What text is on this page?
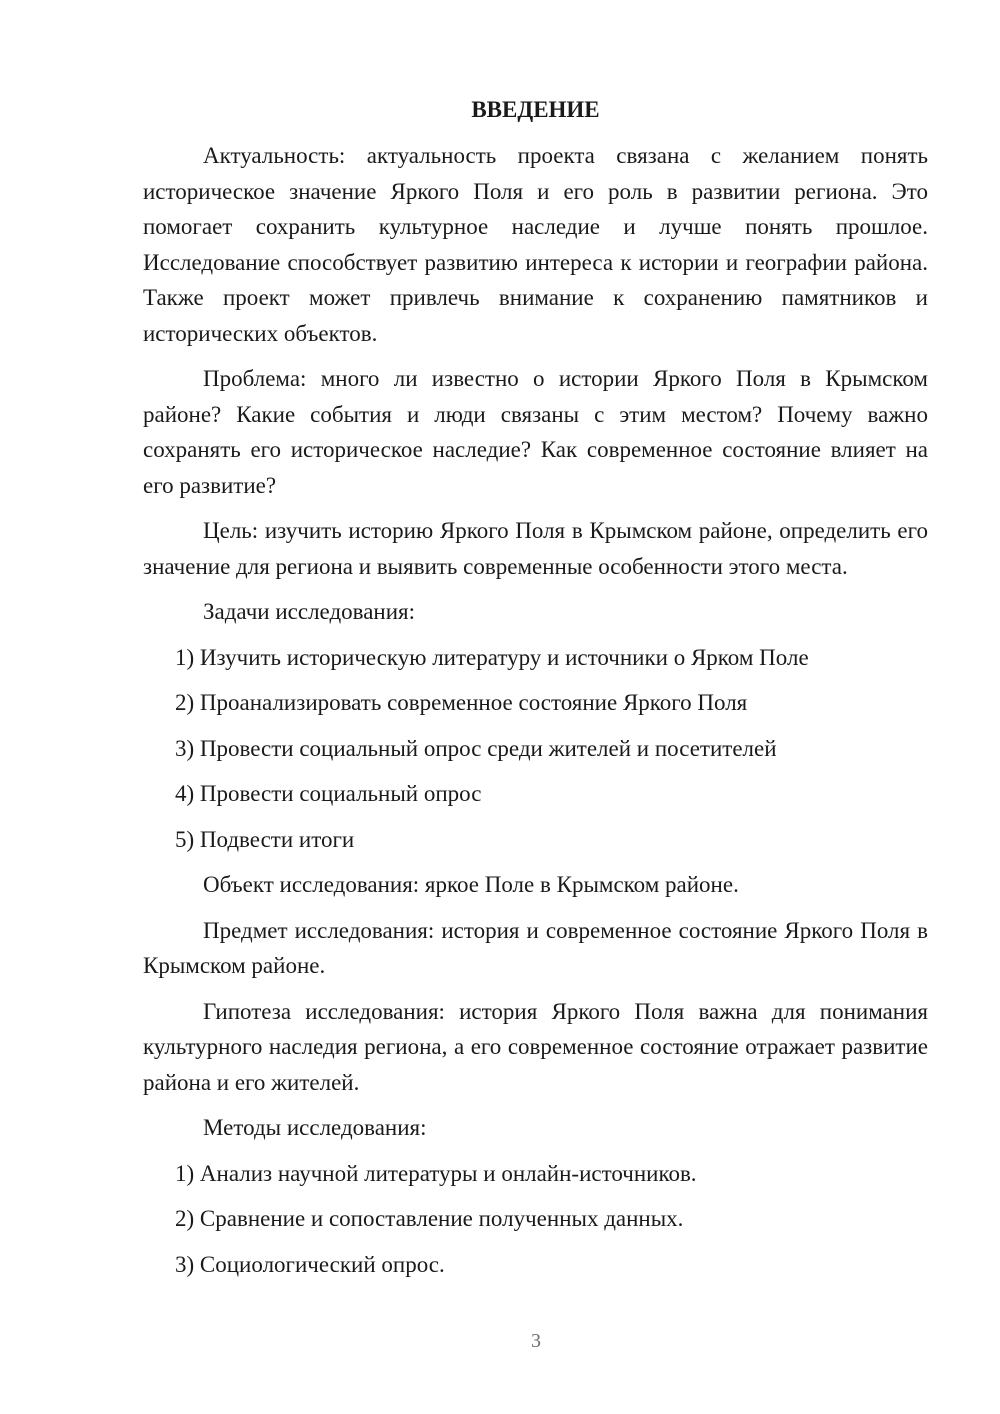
ВВЕДЕНИЕ

Актуальность: актуальность проекта связана с желанием понять историческое значение Яркого Поля и его роль в развитии региона. Это помогает сохранить культурное наследие и лучше понять прошлое. Исследование способствует развитию интереса к истории и географии района. Также проект может привлечь внимание к сохранению памятников и исторических объектов.

Проблема: много ли известно о истории Яркого Поля в Крымском районе? Какие события и люди связаны с этим местом? Почему важно сохранять его историческое наследие? Как современное состояние влияет на его развитие?

Цель: изучить историю Яркого Поля в Крымском районе, определить его значение для региона и выявить современные особенности этого места.

Задачи исследования:

1) Изучить историческую литературу и источники о Ярком Поле

2) Проанализировать современное состояние Яркого Поля

3) Провести социальный опрос среди жителей и посетителей

4) Провести социальный опрос

5) Подвести итоги

Объект исследования: яркое Поле в Крымском районе.

Предмет исследования: история и современное состояние Яркого Поля в Крымском районе.

Гипотеза исследования: история Яркого Поля важна для понимания культурного наследия региона, а его современное состояние отражает развитие района и его жителей.

Методы исследования:

1) Анализ научной литературы и онлайн-источников.

2) Сравнение и сопоставление полученных данных.

3) Социологический опрос.

3
